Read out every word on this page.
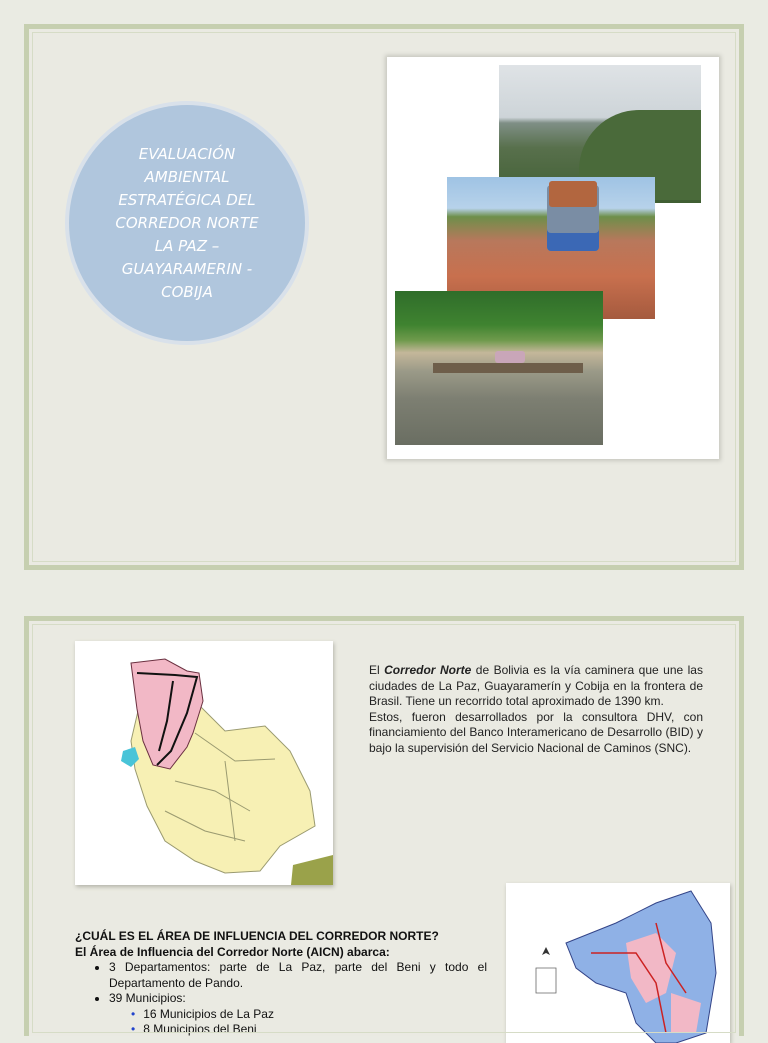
EVALUACIÓN AMBIENTAL ESTRATÉGICA DEL CORREDOR NORTE LA PAZ – GUAYARAMERIN - COBIJA

El Corredor Norte de Bolivia es la vía caminera que une las ciudades de La Paz, Guayaramerín y Cobija en la frontera de Brasil. Tiene un recorrido total aproximado de 1390 km.

Estos, fueron desarrollados por la consultora DHV, con financiamiento del Banco Interamericano de Desarrollo (BID) y bajo la supervisión del Servicio Nacional de Caminos (SNC).

¿CUÁL ES EL ÁREA DE INFLUENCIA DEL CORREDOR NORTE?
El Área de Influencia del Corredor Norte (AICN) abarca:
• 3 Departamentos: parte de La Paz, parte del Beni y todo el Departamento de Pando.
• 39 Municipios:
• 16 Municipios de La Paz
• 8 Municipios del Beni
